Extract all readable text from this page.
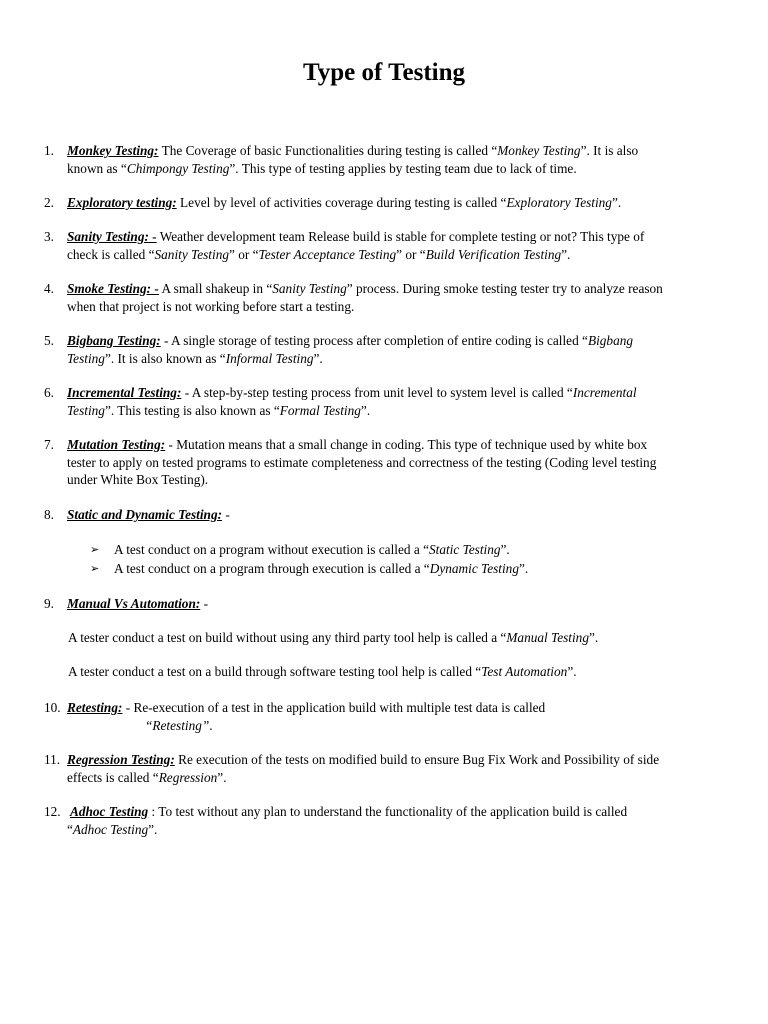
Type of Testing
1. Monkey Testing: The Coverage of basic Functionalities during testing is called “Monkey Testing”. It is also
known as “Chimpongy Testing”. This type of testing applies by testing team due to lack of time.
2. Exploratory testing: Level by level of activities coverage during testing is called “Exploratory Testing”.
3. Sanity Testing: - Weather development team Release build is stable for complete testing or not? This type of
check is called “Sanity Testing” or “Tester Acceptance Testing” or “Build Verification Testing”.
4. Smoke Testing: - A small shakeup in “Sanity Testing” process. During smoke testing tester try to analyze reason
when that project is not working before start a testing.
5. Bigbang Testing: - A single storage of testing process after completion of entire coding is called “Bigbang
Testing”. It is also known as “Informal Testing”.
6. Incremental Testing: - A step-by-step testing process from unit level to system level is called “Incremental
Testing”. This testing is also known as “Formal Testing”.
7. Mutation Testing: - Mutation means that a small change in coding. This type of technique used by white box
tester to apply on tested programs to estimate completeness and correctness of the testing (Coding level testing
under White Box Testing).
8. Static and Dynamic Testing: -
➢ A test conduct on a program without execution is called a “Static Testing”.
➢ A test conduct on a program through execution is called a “Dynamic Testing”.
9. Manual Vs Automation: -
A tester conduct a test on build without using any third party tool help is called a “Manual Testing”.
A tester conduct a test on a build through software testing tool help is called “Test Automation”.
10. Retesting: - Re-execution of a test in the application build with multiple test data is called
“Retesting”.
11. Regression Testing: Re execution of the tests on modified build to ensure Bug Fix Work and Possibility of side
effects is called “Regression”.
12. Adhoc Testing : To test without any plan to understand the functionality of the application build is called
“Adhoc Testing”.
